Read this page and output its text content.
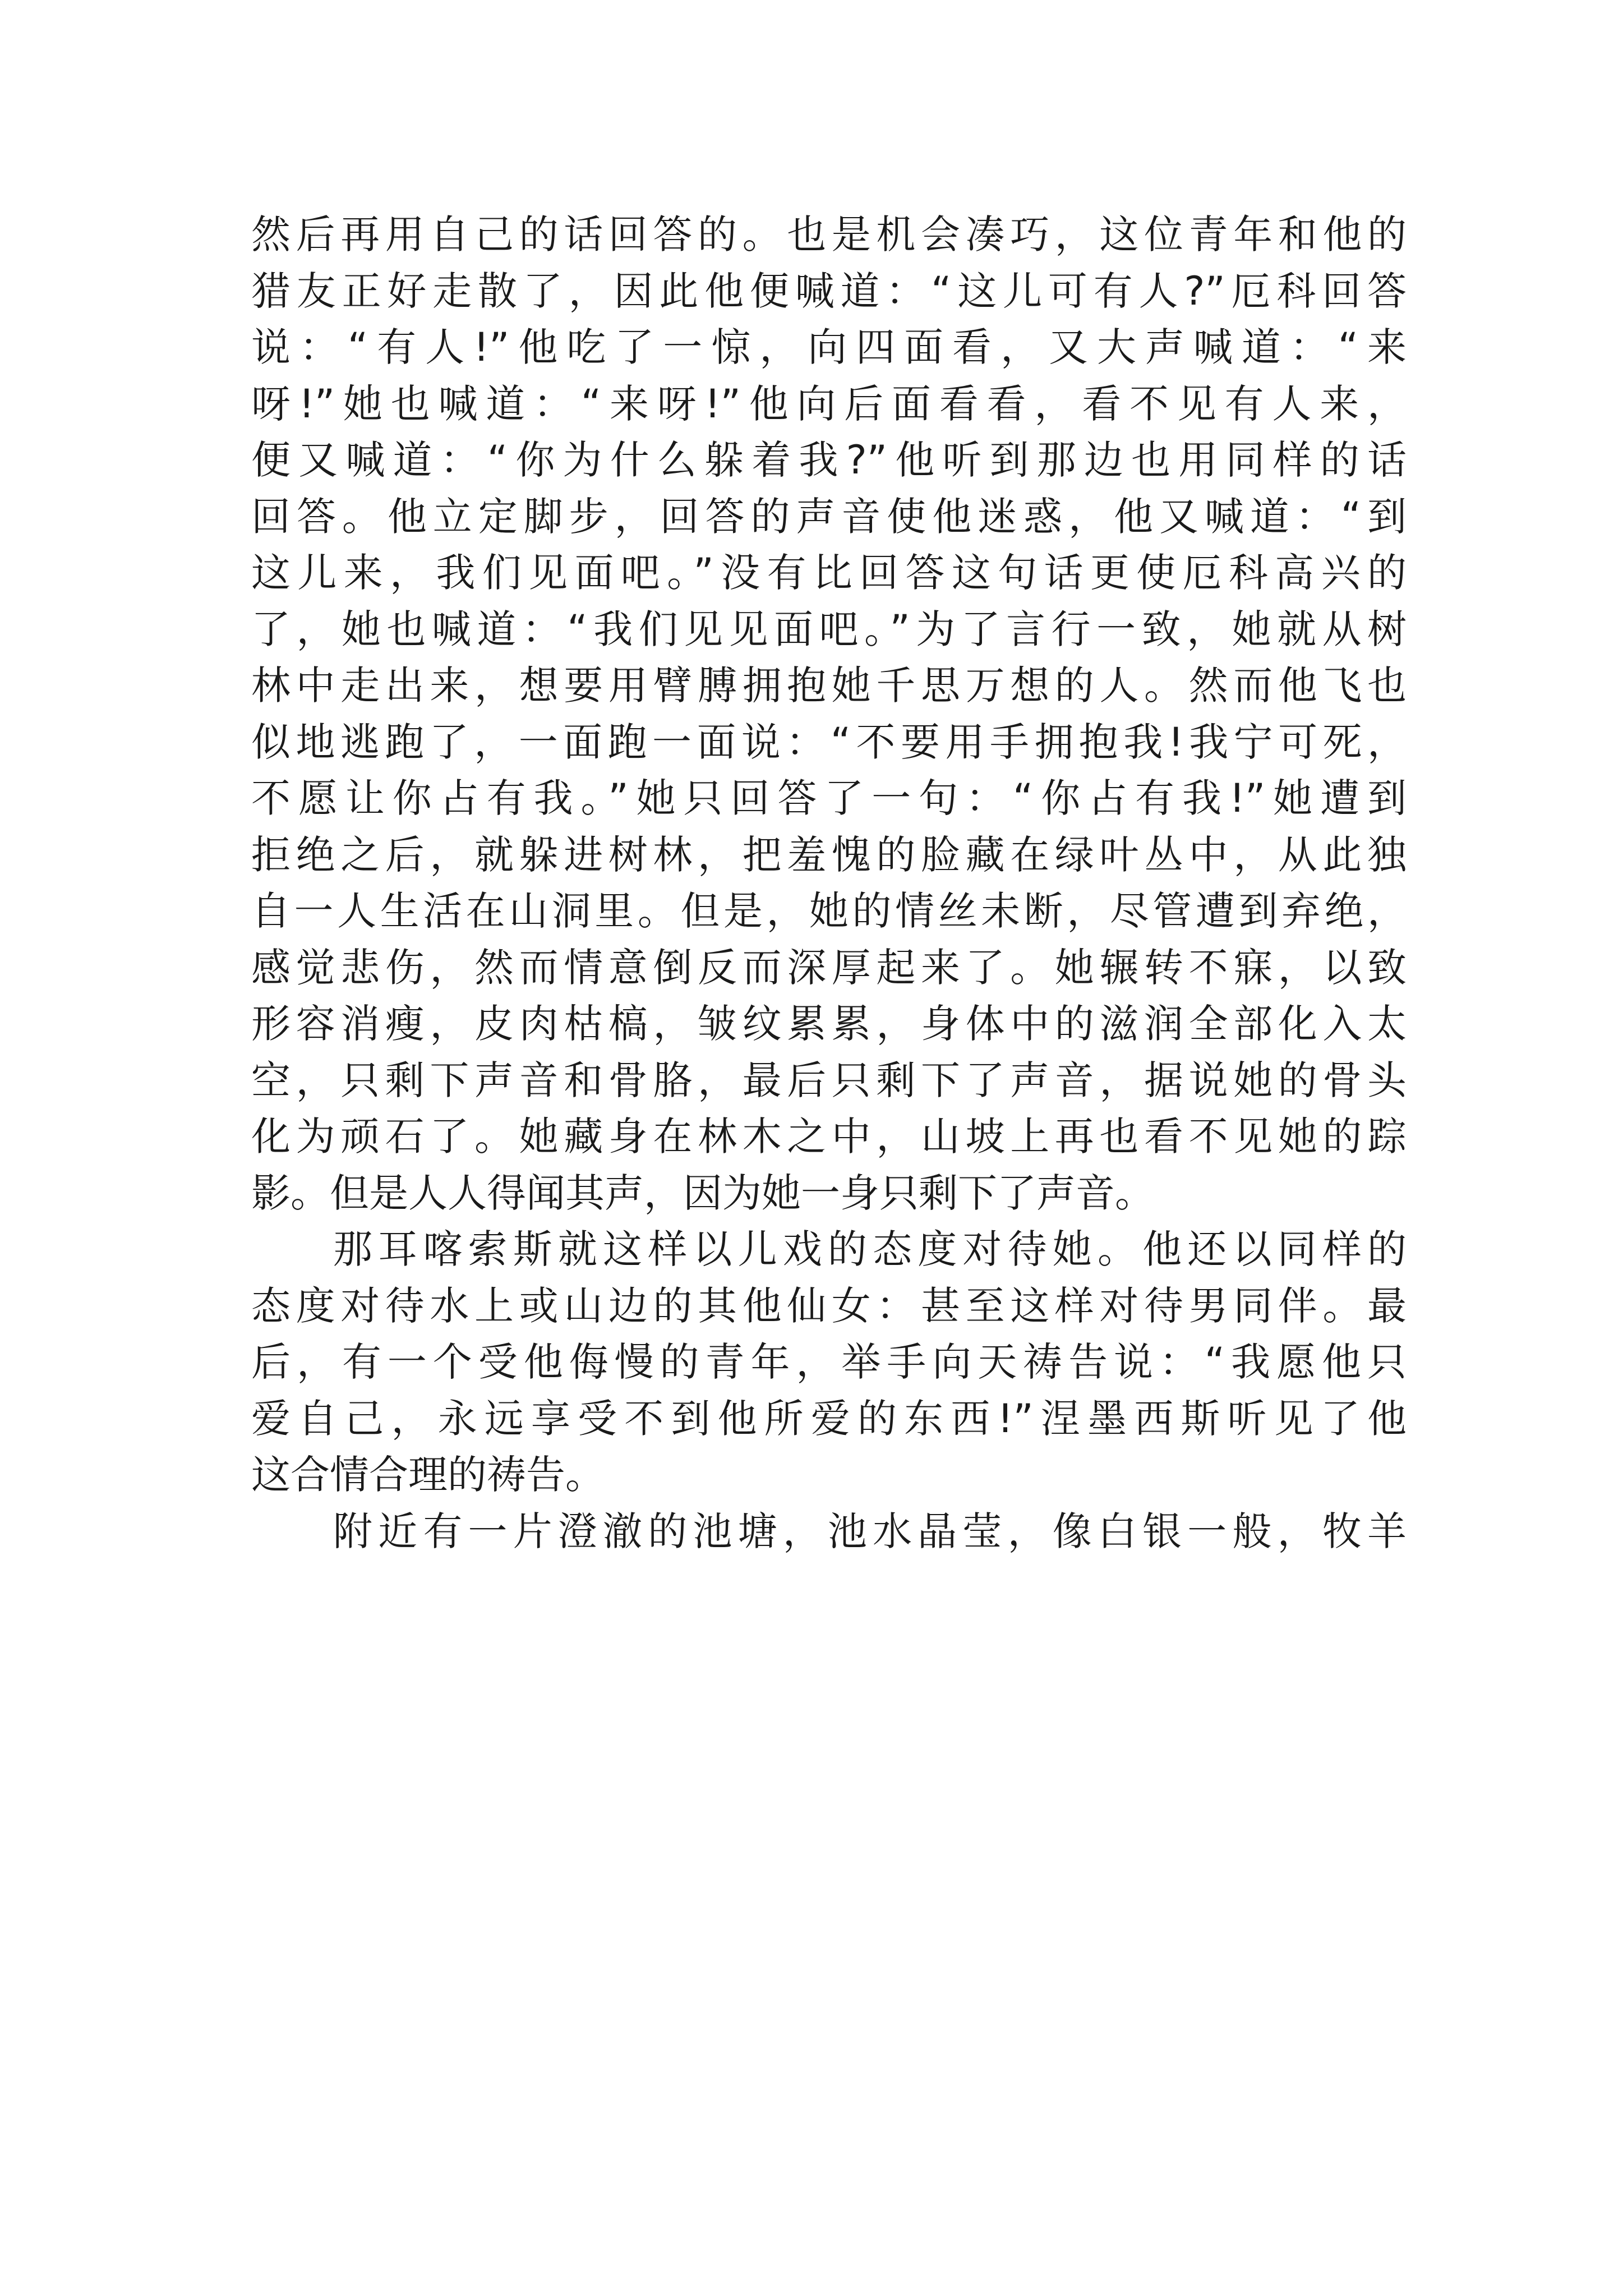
然后再用自己的话回答的。也是机会凑巧，这位青年和他的
猎友正好走散了，因此他便喊道：“这儿可有人?”厄科回答
说：“有人!”他吃了一惊，向四面看，又大声喊道：“来
呀!”她也喊道：“来呀!”他向后面看看，看不见有人来，
便又喊道：“你为什么躲着我?”他听到那边也用同样的话
回答。他立定脚步，回答的声音使他迷惑，他又喊道：“到
这儿来，我们见面吧。”没有比回答这句话更使厄科高兴的
了，她也喊道：“我们见见面吧。”为了言行一致，她就从树
林中走出来，想要用臂膊拥抱她千思万想的人。然而他飞也
似地逃跑了，一面跑一面说：“不要用手拥抱我!我宁可死，
不愿让你占有我。”她只回答了一句：“你占有我!”她遭到
拒绝之后，就躲进树林，把羞愧的脸藏在绿叶丛中，从此独
自一人生活在山洞里。但是，她的情丝未断，尽管遭到弃绝，
感觉悲伤，然而情意倒反而深厚起来了。她辗转不寐，以致
形容消瘦，皮肉枯槁，皱纹累累，身体中的滋润全部化入太
空，只剩下声音和骨胳，最后只剩下了声音，据说她的骨头
化为顽石了。她藏身在林木之中，山坡上再也看不见她的踪
影。但是人人得闻其声，因为她一身只剩下了声音。
那耳喀索斯就这样以儿戏的态度对待她。他还以同样的
态度对待水上或山边的其他仙女：甚至这样对待男同伴。最
后，有一个受他侮慢的青年，举手向天祷告说：“我愿他只
爱自己，永远享受不到他所爱的东西!”涅墨西斯听见了他
这合情合理的祷告。
附近有一片澄澈的池塘，池水晶莹，像白银一般，牧羊
